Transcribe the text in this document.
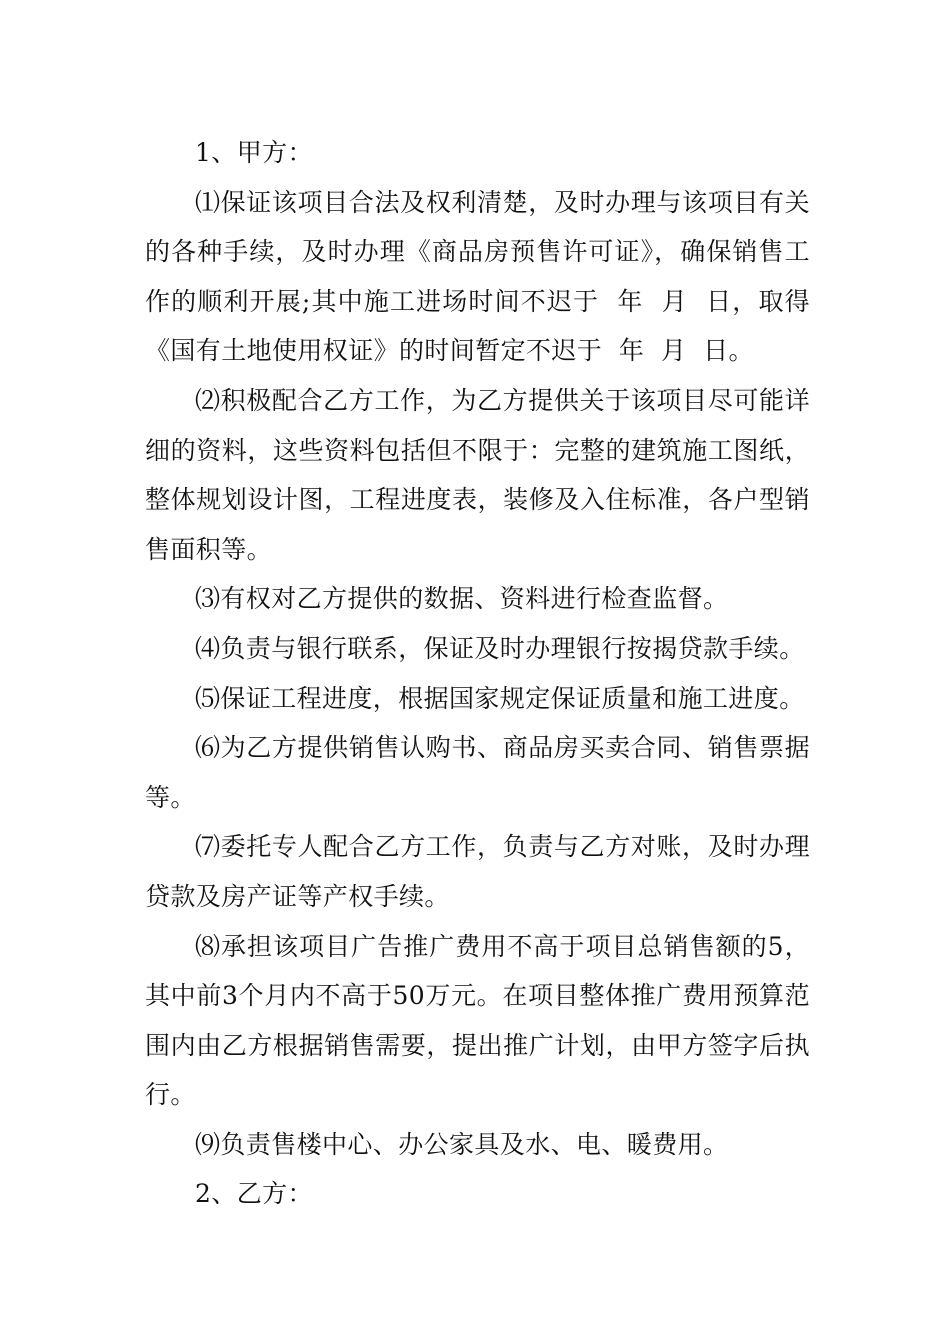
1、甲方：

⑴保证该项目合法及权利清楚，及时办理与该项目有关的各种手续，及时办理《商品房预售许可证》，确保销售工作的顺利开展;其中施工进场时间不迟于  年  月  日，取得《国有土地使用权证》的时间暂定不迟于  年  月  日。

⑵积极配合乙方工作，为乙方提供关于该项目尽可能详细的资料，这些资料包括但不限于：完整的建筑施工图纸，整体规划设计图，工程进度表，装修及入住标准，各户型销售面积等。

⑶有权对乙方提供的数据、资料进行检查监督。

⑷负责与银行联系，保证及时办理银行按揭贷款手续。

⑸保证工程进度，根据国家规定保证质量和施工进度。

⑹为乙方提供销售认购书、商品房买卖合同、销售票据等。

⑺委托专人配合乙方工作，负责与乙方对账，及时办理贷款及房产证等产权手续。

⑻承担该项目广告推广费用不高于项目总销售额的5，其中前3个月内不高于50万元。在项目整体推广费用预算范围内由乙方根据销售需要，提出推广计划，由甲方签字后执行。

⑼负责售楼中心、办公家具及水、电、暖费用。

2、乙方：
